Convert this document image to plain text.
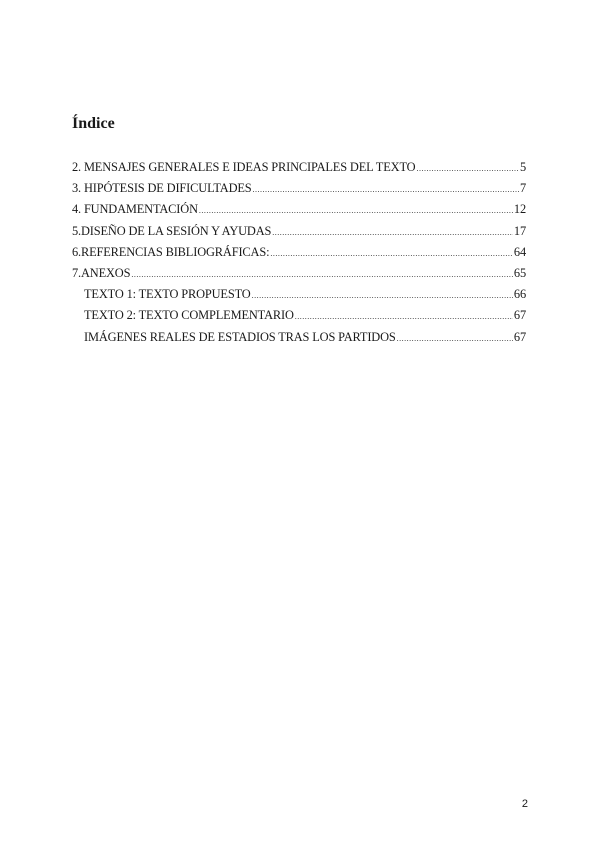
Índice
2. MENSAJES GENERALES E IDEAS PRINCIPALES DEL TEXTO .....	5
3. HIPÓTESIS DE DIFICULTADES .....	7
4. FUNDAMENTACIÓN .....	12
5.DISEÑO DE LA SESIÓN Y AYUDAS .....	17
6.REFERENCIAS BIBLIOGRÁFICAS: .....	64
7.ANEXOS .....	65
TEXTO 1: TEXTO PROPUESTO .....	66
TEXTO 2: TEXTO COMPLEMENTARIO .....	67
IMÁGENES REALES DE ESTADIOS TRAS LOS PARTIDOS .....	67
2
